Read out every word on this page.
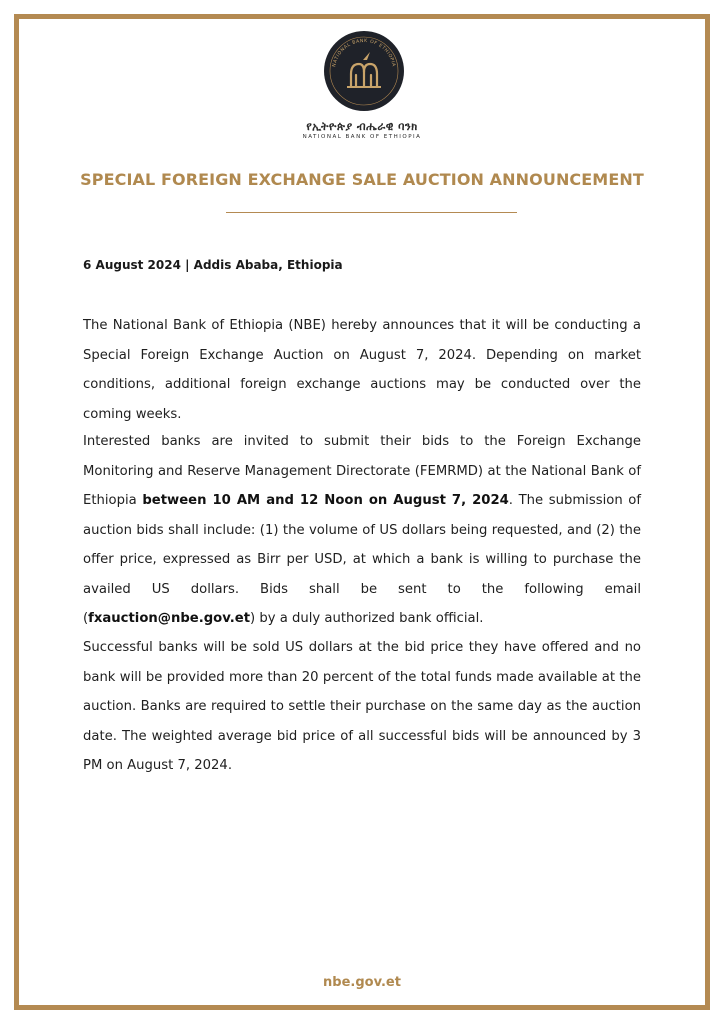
NATIONAL BANK OF ETHIOPIA
የኢትዮጵያ ብሔራዊ ባንክ
NATIONAL BANK OF ETHIOPIA
SPECIAL FOREIGN EXCHANGE SALE AUCTION ANNOUNCEMENT
6 August 2024 | Addis Ababa, Ethiopia

The National Bank of Ethiopia (NBE) hereby announces that it will be conducting a Special Foreign Exchange Auction on August 7, 2024. Depending on market conditions, additional foreign exchange auctions may be conducted over the coming weeks.

Interested banks are invited to submit their bids to the Foreign Exchange Monitoring and Reserve Management Directorate (FEMRMD) at the National Bank of Ethiopia between 10 AM and 12 Noon on August 7, 2024. The submission of auction bids shall include: (1) the volume of US dollars being requested, and (2) the offer price, expressed as Birr per USD, at which a bank is willing to purchase the availed US dollars. Bids shall be sent to the following email (fxauction@nbe.gov.et) by a duly authorized bank official.

Successful banks will be sold US dollars at the bid price they have offered and no bank will be provided more than 20 percent of the total funds made available at the auction. Banks are required to settle their purchase on the same day as the auction date. The weighted average bid price of all successful bids will be announced by 3 PM on August 7, 2024.

nbe.gov.et
